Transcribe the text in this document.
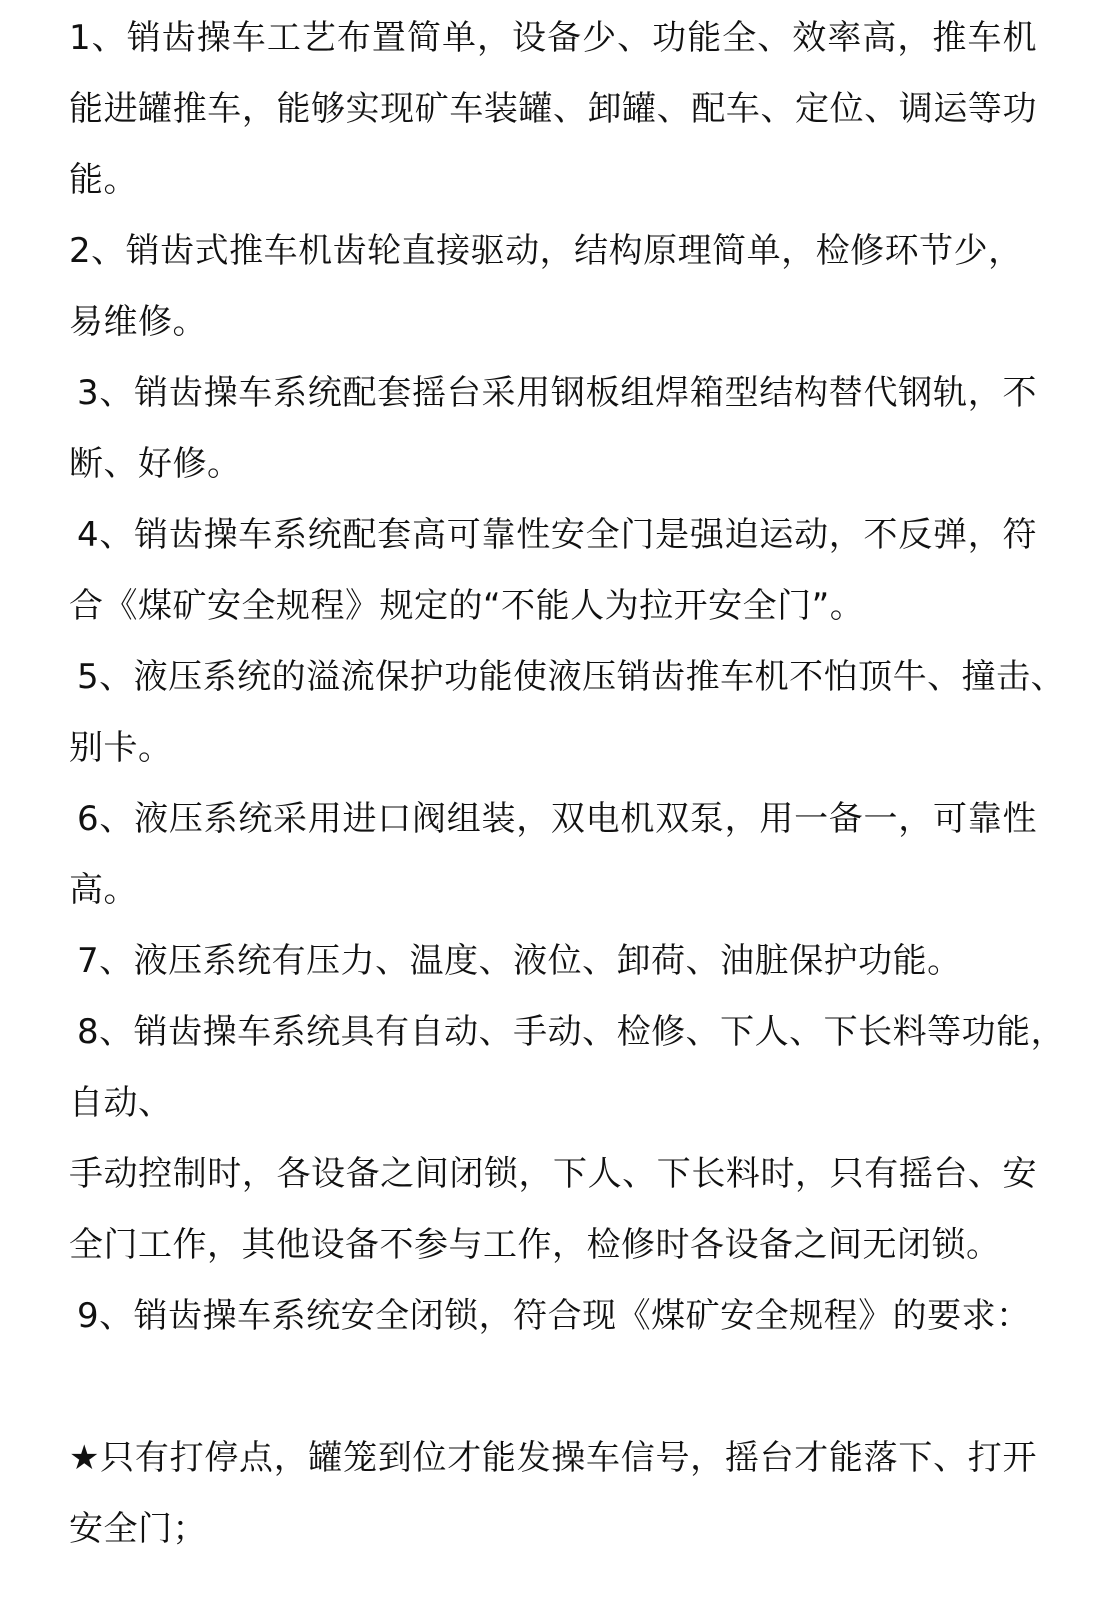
1、销齿操车工艺布置简单，设备少、功能全、效率高，推车机
能进罐推车，能够实现矿车装罐、卸罐、配车、定位、调运等功
能。
2、销齿式推车机齿轮直接驱动，结构原理简单，检修环节少，
易维修。
3、销齿操车系统配套摇台采用钢板组焊箱型结构替代钢轨，不
断、好修。
4、销齿操车系统配套高可靠性安全门是强迫运动，不反弹，符
合《煤矿安全规程》规定的“不能人为拉开安全门”。
5、液压系统的溢流保护功能使液压销齿推车机不怕顶牛、撞击、
别卡。
6、液压系统采用进口阀组装，双电机双泵，用一备一，可靠性
高。
7、液压系统有压力、温度、液位、卸荷、油脏保护功能。
8、销齿操车系统具有自动、手动、检修、下人、下长料等功能，
自动、
手动控制时，各设备之间闭锁，下人、下长料时，只有摇台、安
全门工作，其他设备不参与工作，检修时各设备之间无闭锁。
9、销齿操车系统安全闭锁，符合现《煤矿安全规程》的要求：
★只有打停点，罐笼到位才能发操车信号，摇台才能落下、打开
安全门；
